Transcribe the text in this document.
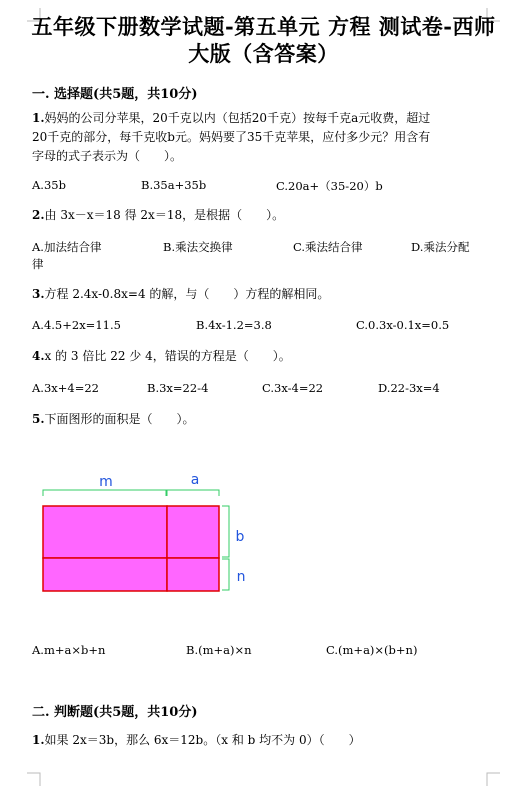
五年级下册数学试题-第五单元 方程 测试卷-西师
大版（含答案）
一. 选择题(共5题，共10分)
1.妈妈的公司分苹果，20千克以内（包括20千克）按每千克a元收费，超过
20千克的部分，每千克收b元。妈妈要了35千克苹果，应付多少元？用含有
字母的式子表示为（　　）。
A.35b	B.35a+35b	C.20a+（35-20）b
2.由 3x－x＝18 得 2x＝18，是根据（　　）。
A.加法结合律	B.乘法交换律	C.乘法结合律	D.乘法分配
律
3.方程 2.4x-0.8x=4 的解，与（　　）方程的解相同。
A.4.5+2x=11.5	B.4x-1.2=3.8	C.0.3x-0.1x=0.5
4.x 的 3 倍比 22 少 4，错误的方程是（　　）。
A.3x+4=22	B.3x=22-4	C.3x-4=22	D.22-3x=4
5.下面图形的面积是（　　）。
m	a
b
n
A.m+a×b+n	B.(m+a)×n	C.(m+a)×(b+n)
二. 判断题(共5题，共10分)
1.如果 2x＝3b，那么 6x＝12b。（x 和 b 均不为 0）（　　）
